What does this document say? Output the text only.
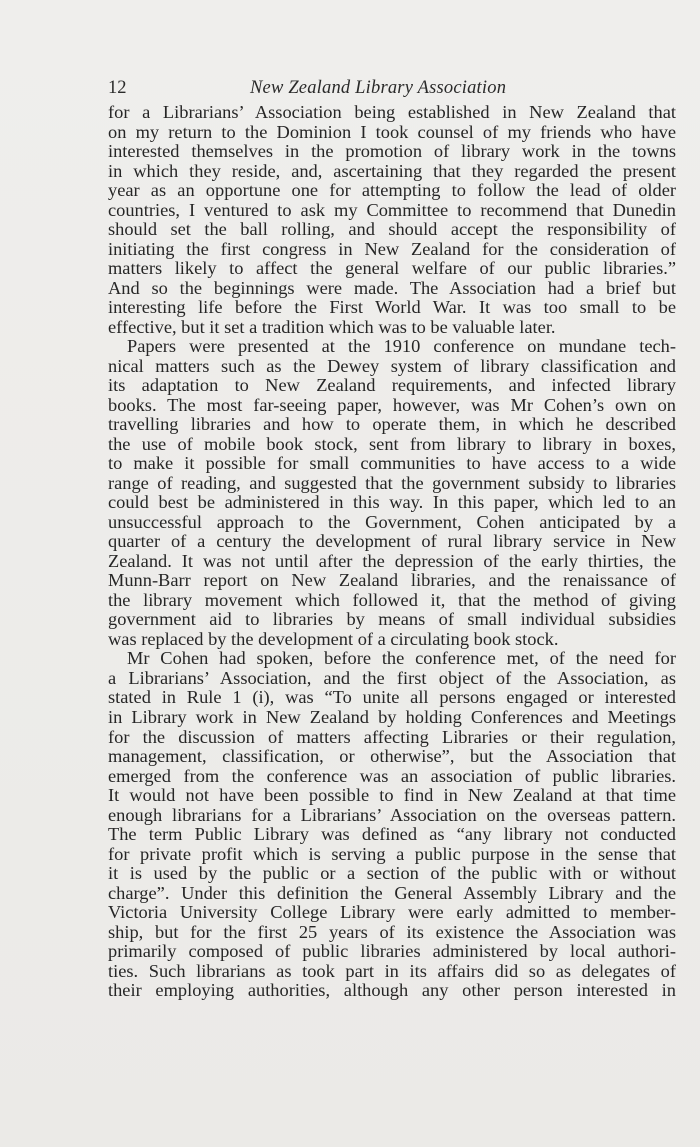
12	New Zealand Library Association
for a Librarians’ Association being established in New Zealand that
on my return to the Dominion I took counsel of my friends who have
interested themselves in the promotion of library work in the towns
in which they reside, and, ascertaining that they regarded the present
year as an opportune one for attempting to follow the lead of older
countries, I ventured to ask my Committee to recommend that Dunedin
should set the ball rolling, and should accept the responsibility of
initiating the first congress in New Zealand for the consideration of
matters likely to affect the general welfare of our public libraries.”
And so the beginnings were made. The Association had a brief but
interesting life before the First World War. It was too small to be
effective, but it set a tradition which was to be valuable later.
Papers were presented at the 1910 conference on mundane tech-
nical matters such as the Dewey system of library classification and
its adaptation to New Zealand requirements, and infected library
books. The most far-seeing paper, however, was Mr Cohen’s own on
travelling libraries and how to operate them, in which he described
the use of mobile book stock, sent from library to library in boxes,
to make it possible for small communities to have access to a wide
range of reading, and suggested that the government subsidy to libraries
could best be administered in this way. In this paper, which led to an
unsuccessful approach to the Government, Cohen anticipated by a
quarter of a century the development of rural library service in New
Zealand. It was not until after the depression of the early thirties, the
Munn-Barr report on New Zealand libraries, and the renaissance of
the library movement which followed it, that the method of giving
government aid to libraries by means of small individual subsidies
was replaced by the development of a circulating book stock.
Mr Cohen had spoken, before the conference met, of the need for
a Librarians’ Association, and the first object of the Association, as
stated in Rule 1 (i), was “To unite all persons engaged or interested
in Library work in New Zealand by holding Conferences and Meetings
for the discussion of matters affecting Libraries or their regulation,
management, classification, or otherwise”, but the Association that
emerged from the conference was an association of public libraries.
It would not have been possible to find in New Zealand at that time
enough librarians for a Librarians’ Association on the overseas pattern.
The term Public Library was defined as “any library not conducted
for private profit which is serving a public purpose in the sense that
it is used by the public or a section of the public with or without
charge”. Under this definition the General Assembly Library and the
Victoria University College Library were early admitted to member-
ship, but for the first 25 years of its existence the Association was
primarily composed of public libraries administered by local authori-
ties. Such librarians as took part in its affairs did so as delegates of
their employing authorities, although any other person interested in
